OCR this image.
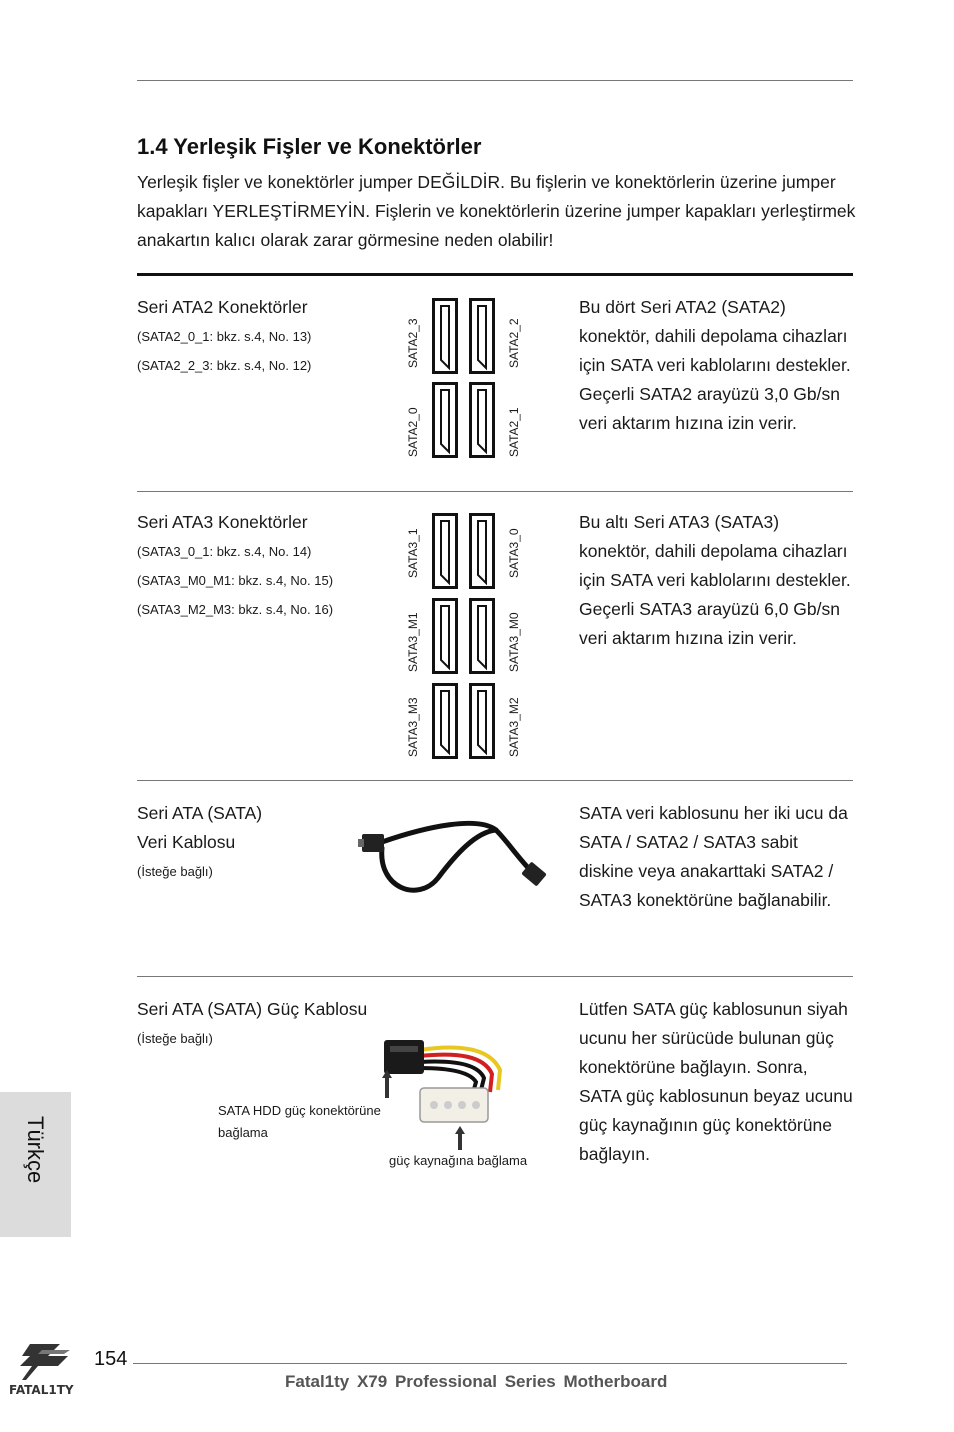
1.4 Yerleşik Fişler ve Konektörler

Yerleşik fişler ve konektörler jumper DEĞİLDİR. Bu fişlerin ve konektörlerin üzerine jumper kapakları YERLEŞTİRMEYİN. Fişlerin ve konektörlerin üzerine jumper kapakları yerleştirmek anakartın kalıcı olarak zarar görmesine neden olabilir!

Seri ATA2 Konektörler
(SATA2_0_1: bkz. s.4, No. 13)
(SATA2_2_3: bkz. s.4, No. 12)	SATA2_3	SATA2_2
SATA2_0	SATA2_1

Bu dört Seri ATA2 (SATA2) konektör, dahili depolama cihazları için SATA veri kablolarını destekler. Geçerli SATA2 arayüzü 3,0 Gb/sn veri aktarım hızına izin verir.

Seri ATA3 Konektörler
(SATA3_0_1: bkz. s.4, No. 14)
(SATA3_M0_M1: bkz. s.4, No. 15)
(SATA3_M2_M3: bkz. s.4, No. 16)
SATA3_1	SATA3_0
SATA3_M1	SATA3_M0
SATA3_M3	SATA3_M2

Bu altı Seri ATA3 (SATA3) konektör, dahili depolama cihazları için SATA veri kablolarını destekler. Geçerli SATA3 arayüzü 6,0 Gb/sn veri aktarım hızına izin verir.

Seri ATA (SATA)
Veri Kablosu
(İsteğe bağlı)

SATA veri kablosunu her iki ucu da SATA / SATA2 / SATA3 sabit diskine veya anakarttaki SATA2 / SATA3 konektörüne bağlanabilir.

Seri ATA (SATA) Güç Kablosu
(İsteğe bağlı)
SATA HDD güç konektörüne
bağlama
güç kaynağına bağlama

Lütfen SATA güç kablosunun siyah ucunu her sürücüde bulunan güç konektörüne bağlayın. Sonra, SATA güç kablosunun beyaz ucunu güç kaynağının güç konektörüne bağlayın.

Türkçe
FATAL1TY
154
Fatal1ty X79 Professional Series Motherboard
